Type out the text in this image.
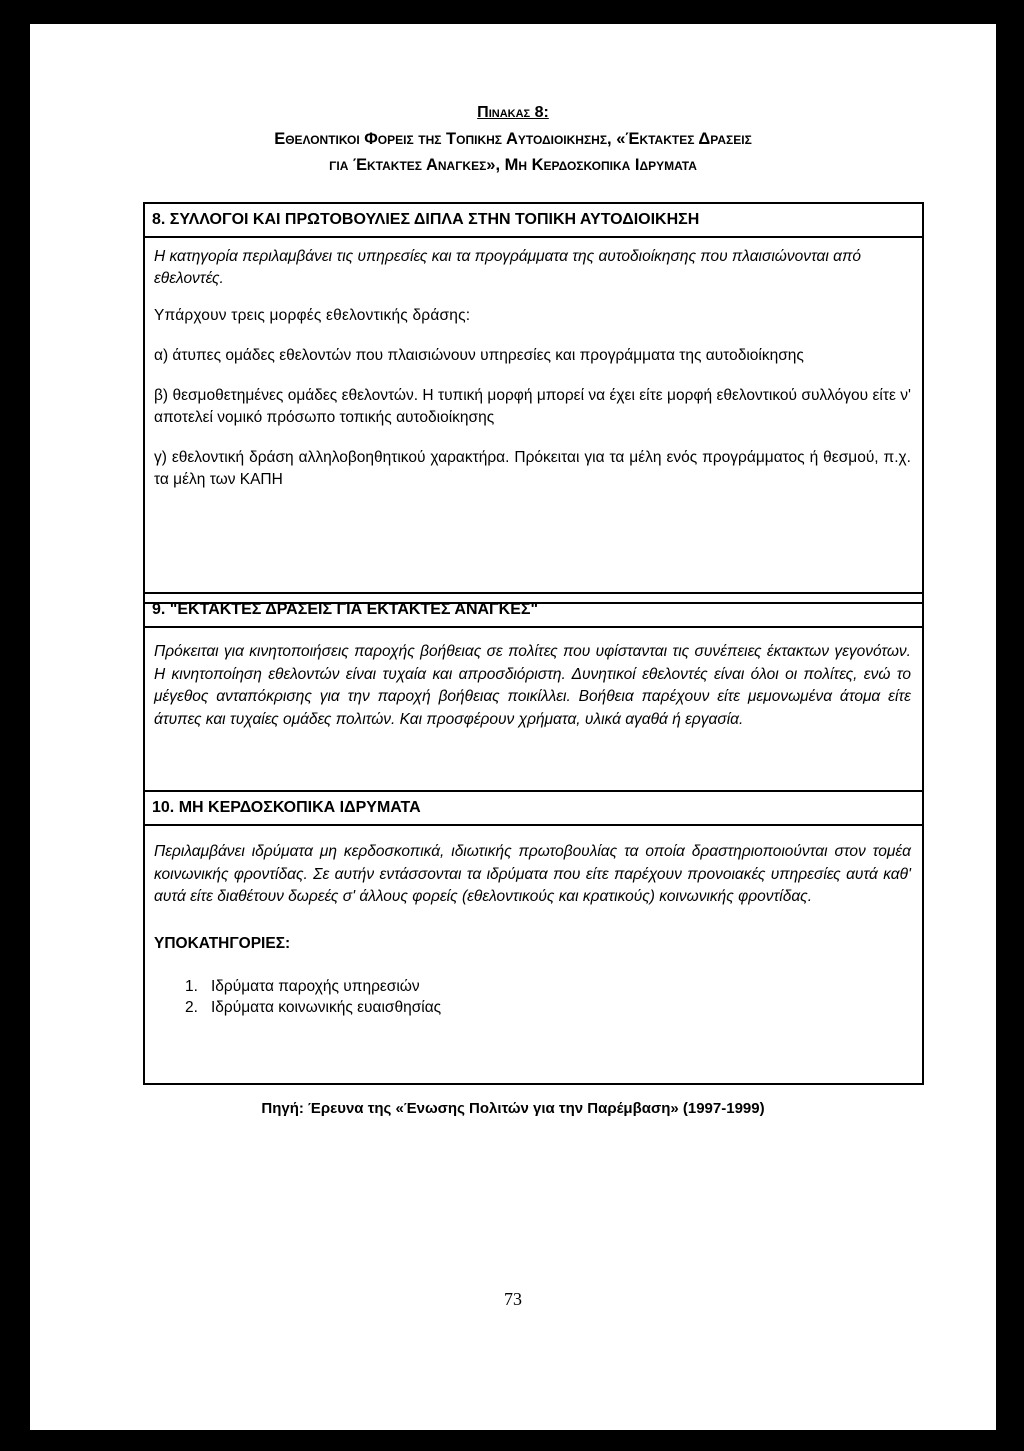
Πινακασ 8:
Εθελοντικοι Φορεισ της Τοπικης Αυτοδιοικησης, «Έκτακτες Δρασεις
για Έκτακτες Αναγκες», Μη Κερδοσκοπικα Ιδρυματα
8. ΣΥΛΛΟΓΟΙ ΚΑΙ ΠΡΩΤΟΒΟΥΛΙΕΣ ΔΙΠΛΑ ΣΤΗΝ ΤΟΠΙΚΗ ΑΥΤΟΔΙΟΙΚΗΣΗ

Η κατηγορία περιλαμβάνει τις υπηρεσίες και τα προγράμματα της αυτοδιοίκησης που πλαισιώνονται από εθελοντές.

Υπάρχουν τρεις μορφές εθελοντικής δράσης:

α) άτυπες ομάδες εθελοντών που πλαισιώνουν υπηρεσίες και προγράμματα της αυτοδιοίκησης

β) θεσμοθετημένες ομάδες εθελοντών. Η τυπική μορφή μπορεί να έχει είτε μορφή εθελοντικού συλλόγου είτε ν' αποτελεί νομικό πρόσωπο τοπικής αυτοδιοίκησης

γ) εθελοντική δράση αλληλοβοηθητικού χαρακτήρα. Πρόκειται για τα μέλη ενός προγράμματος ή θεσμού, π.χ. τα μέλη των ΚΑΠΗ

9. "ΕΚΤΑΚΤΕΣ ΔΡΑΣΕΙΣ ΓΙΑ ΕΚΤΑΚΤΕΣ ΑΝΑΓΚΕΣ"

Πρόκειται για κινητοποιήσεις παροχής βοήθειας σε πολίτες που υφίστανται τις συνέπειες έκτακτων γεγονότων. Η κινητοποίηση εθελοντών είναι τυχαία και απροσδιόριστη. Δυνητικοί εθελοντές είναι όλοι οι πολίτες, ενώ το μέγεθος ανταπόκρισης για την παροχή βοήθειας ποικίλλει. Βοήθεια παρέχουν είτε μεμονωμένα άτομα είτε άτυπες και τυχαίες ομάδες πολιτών. Και προσφέρουν χρήματα, υλικά αγαθά ή εργασία.

10. ΜΗ ΚΕΡΔΟΣΚΟΠΙΚΑ ΙΔΡΥΜΑΤΑ

Περιλαμβάνει ιδρύματα μη κερδοσκοπικά, ιδιωτικής πρωτοβουλίας τα οποία δραστηριοποιούνται στον τομέα κοινωνικής φροντίδας. Σε αυτήν εντάσσονται τα ιδρύματα που είτε παρέχουν προνοιακές υπηρεσίες αυτά καθ' αυτά είτε διαθέτουν δωρεές σ' άλλους φορείς (εθελοντικούς και κρατικούς) κοινωνικής φροντίδας.

ΥΠΟΚΑΤΗΓΟΡΙΕΣ:

1. Ιδρύματα παροχής υπηρεσιών
2. Ιδρύματα κοινωνικής ευαισθησίας
Πηγή: Έρευνα της «Ένωσης Πολιτών για την Παρέμβαση» (1997-1999)
73
